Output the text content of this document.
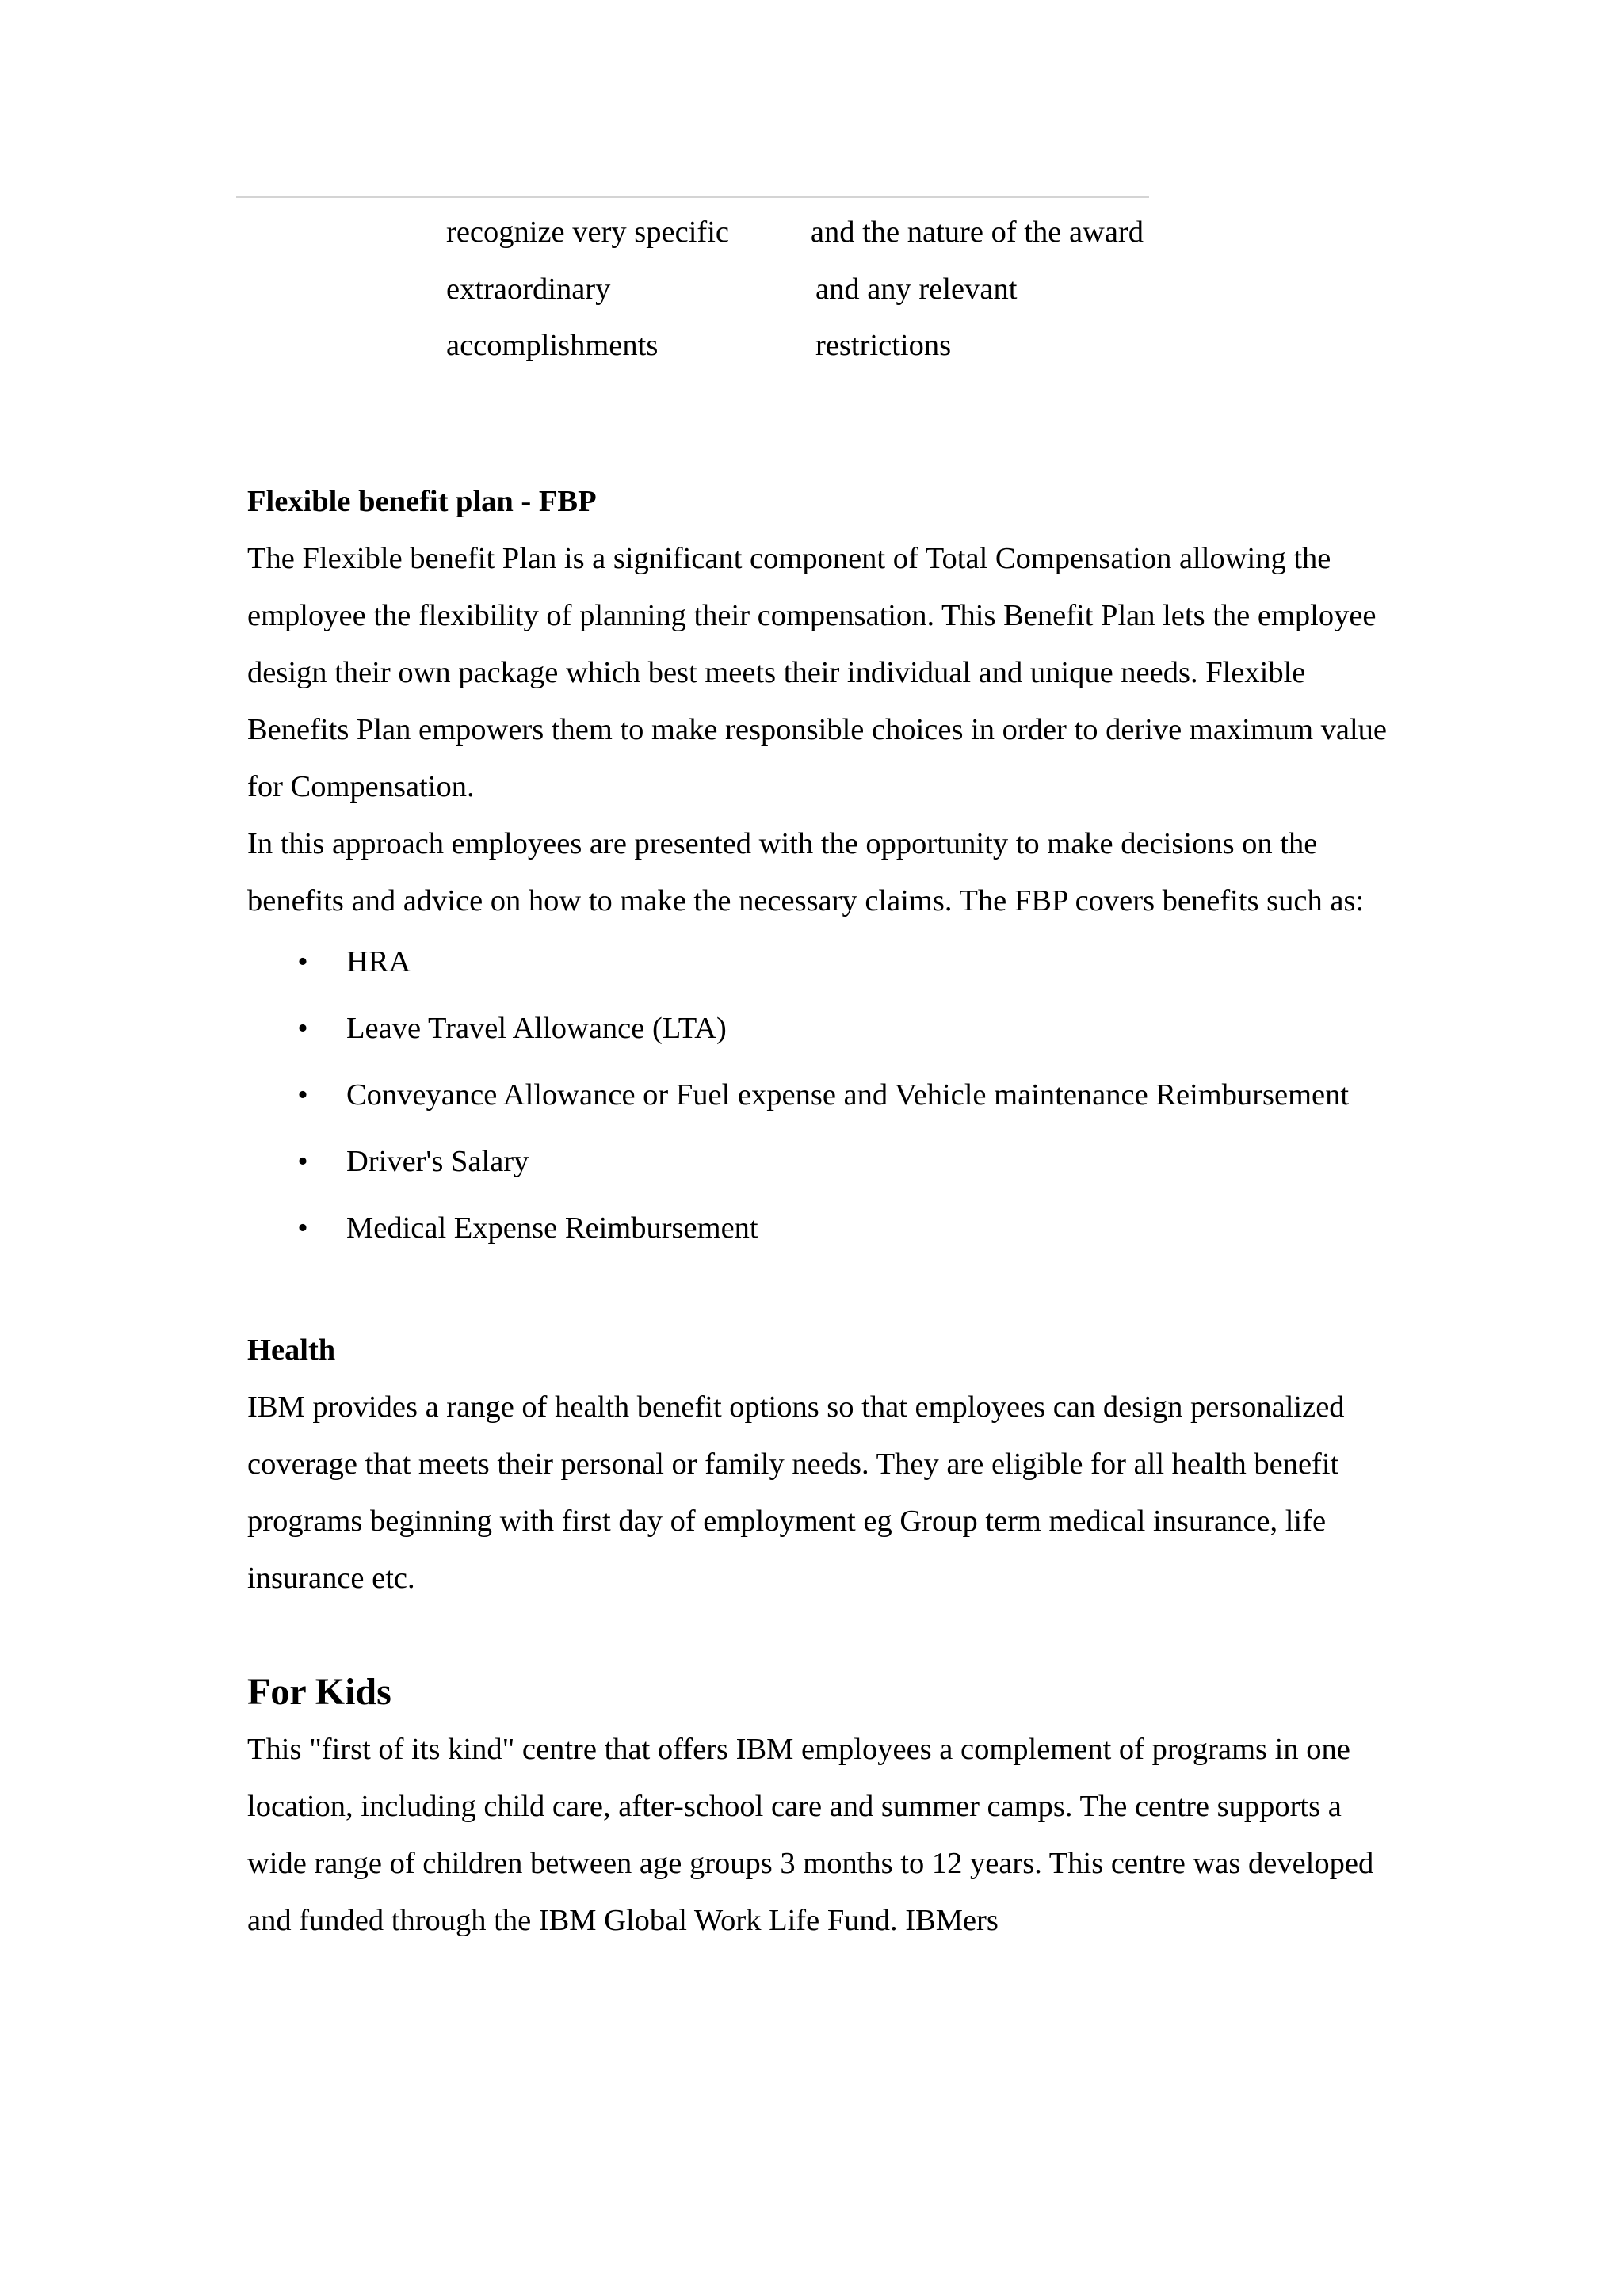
recognize very specific	and the nature of the award
extraordinary	and any relevant
accomplishments	restrictions

Flexible benefit plan - FBP

The Flexible benefit Plan is a significant component of Total Compensation allowing the employee the flexibility of planning their compensation. This Benefit Plan lets the employee design their own package which best meets their individual and unique needs. Flexible Benefits Plan empowers them to make responsible choices in order to derive maximum value for Compensation.

In this approach employees are presented with the opportunity to make decisions on the benefits and advice on how to make the necessary claims. The FBP covers benefits such as:

• HRA
• Leave Travel Allowance (LTA)
• Conveyance Allowance or Fuel expense and Vehicle maintenance Reimbursement
• Driver's Salary
• Medical Expense Reimbursement

Health

IBM provides a range of health benefit options so that employees can design personalized coverage that meets their personal or family needs. They are eligible for all health benefit programs beginning with first day of employment eg Group term medical insurance, life insurance etc.

For Kids

This "first of its kind" centre that offers IBM employees a complement of programs in one location, including child care, after-school care and summer camps. The centre supports a wide range of children between age groups 3 months to 12 years. This centre was developed and funded through the IBM Global Work Life Fund. IBMers
